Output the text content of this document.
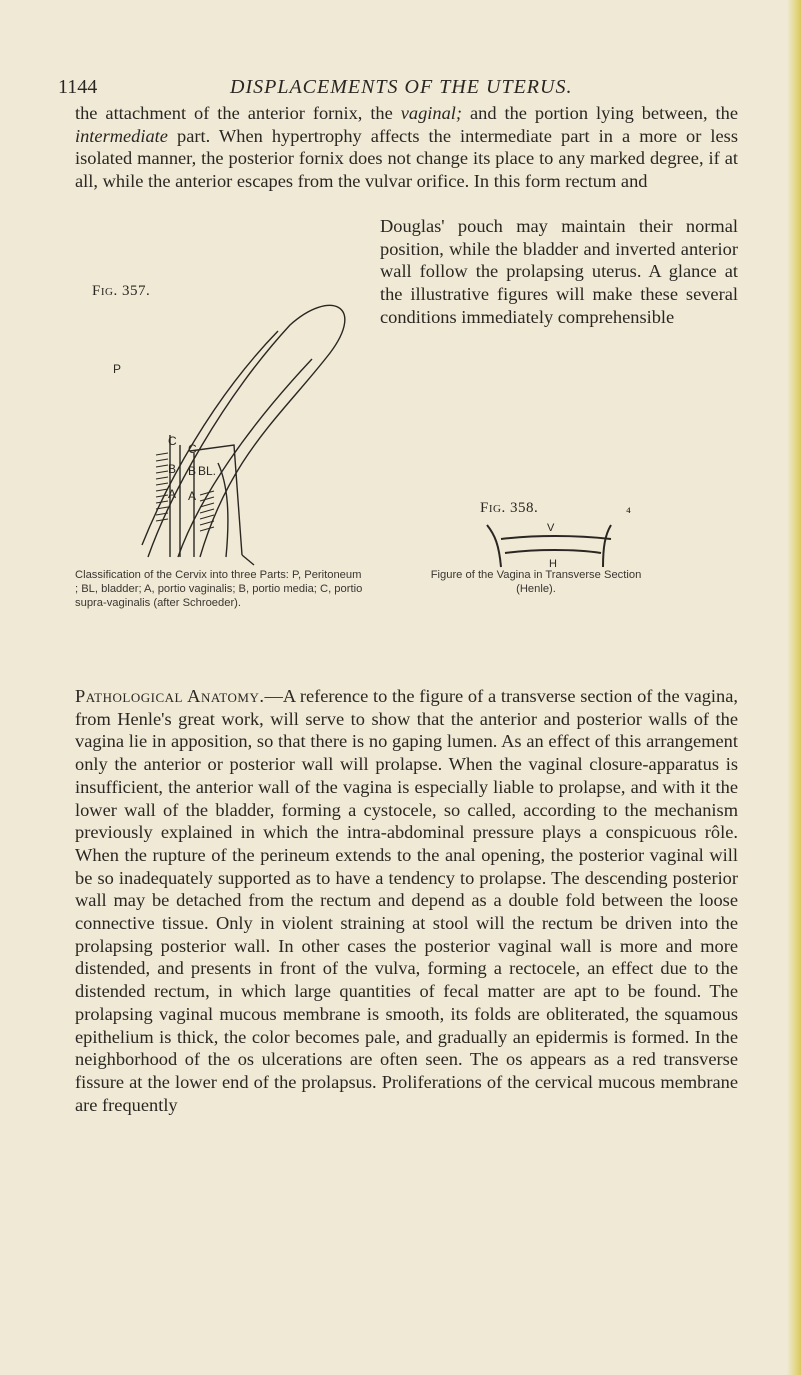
1144	DISPLACEMENTS OF THE UTERUS.

the attachment of the anterior fornix, the vaginal; and the portion lying between, the intermediate part. When hypertrophy affects the intermediate part in a more or less isolated manner, the posterior fornix does not change its place to any marked degree, if at all, while the anterior escapes from the vulvar orifice. In this form rectum and

Douglas' pouch may maintain their normal position, while the bladder and inverted anterior wall follow the prolapsing uterus. A glance at the illustrative figures will make these several conditions immediately comprehensible

Fig. 357.
P
C
C
B B
A A
BL.
Fig. 358.	⁴
V
H

Classification of the Cervix into three Parts: P, Peritoneum ; BL, bladder; A, portio vaginalis; B, portio media; C, portio supra-vaginalis (after Schroeder).

Figure of the Vagina in Transverse Section
(Henle).

Pathological Anatomy.—A reference to the figure of a transverse section of the vagina, from Henle's great work, will serve to show that the anterior and posterior walls of the vagina lie in apposition, so that there is no gaping lumen. As an effect of this arrangement only the anterior or posterior wall will prolapse. When the vaginal closure-apparatus is insufficient, the anterior wall of the vagina is especially liable to prolapse, and with it the lower wall of the bladder, forming a cystocele, so called, according to the mechanism previously explained in which the intra-abdominal pressure plays a conspicuous rôle. When the rupture of the perineum extends to the anal opening, the posterior vaginal will be so inadequately supported as to have a tendency to prolapse. The descending posterior wall may be detached from the rectum and depend as a double fold between the loose connective tissue. Only in violent straining at stool will the rectum be driven into the prolapsing posterior wall. In other cases the posterior vaginal wall is more and more distended, and presents in front of the vulva, forming a rectocele, an effect due to the distended rectum, in which large quantities of fecal matter are apt to be found. The prolapsing vaginal mucous membrane is smooth, its folds are obliterated, the squamous epithelium is thick, the color becomes pale, and gradually an epidermis is formed. In the neighborhood of the os ulcerations are often seen. The os appears as a red transverse fissure at the lower end of the prolapsus. Proliferations of the cervical mucous membrane are frequently
